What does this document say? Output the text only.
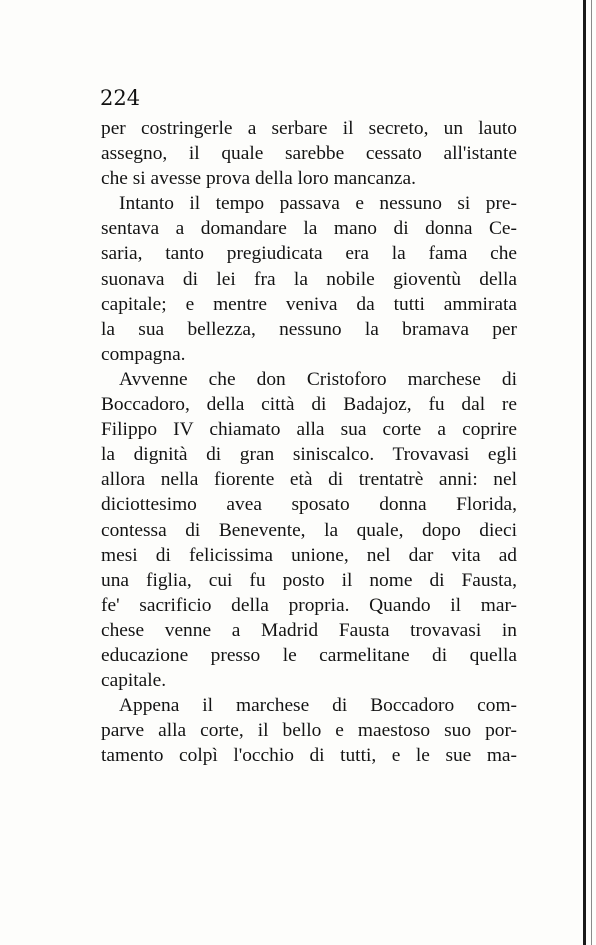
224
per costringerle a serbare il secreto, un lauto
assegno, il quale sarebbe cessato all'istante
che si avesse prova della loro mancanza.
Intanto il tempo passava e nessuno si pre-
sentava a domandare la mano di donna Ce-
saria, tanto pregiudicata era la fama che
suonava di lei fra la nobile gioventù della
capitale; e mentre veniva da tutti ammirata
la sua bellezza, nessuno la bramava per
compagna.
Avvenne che don Cristoforo marchese di
Boccadoro, della città di Badajoz, fu dal re
Filippo IV chiamato alla sua corte a coprire
la dignità di gran siniscalco. Trovavasi egli
allora nella fiorente età di trentatrè anni: nel
diciottesimo avea sposato donna Florida,
contessa di Benevente, la quale, dopo dieci
mesi di felicissima unione, nel dar vita ad
una figlia, cui fu posto il nome di Fausta,
fe' sacrificio della propria. Quando il mar-
chese venne a Madrid Fausta trovavasi in
educazione presso le carmelitane di quella
capitale.
Appena il marchese di Boccadoro com-
parve alla corte, il bello e maestoso suo por-
tamento colpì l'occhio di tutti, e le sue ma-
